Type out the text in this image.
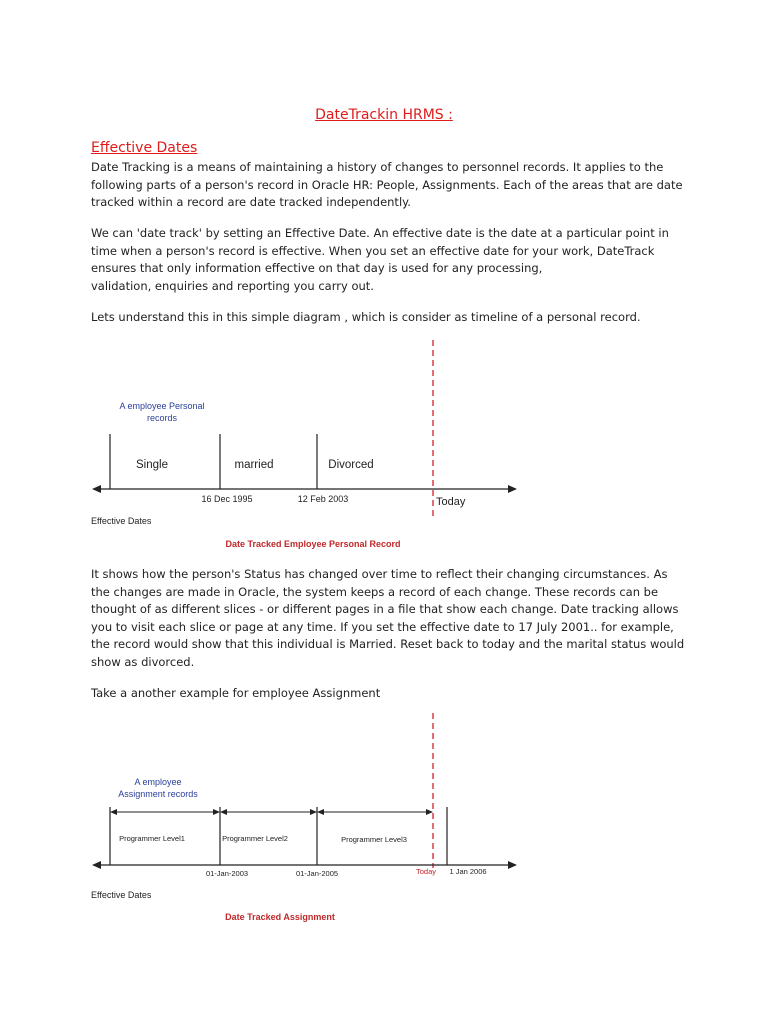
DateTrackin HRMS :
Effective Dates

Date Tracking is a means of maintaining a history of changes to personnel records. It applies to the
following parts of a person's record in Oracle HR: People, Assignments. Each of the areas that are date
tracked within a record are date tracked independently.

We can 'date track' by setting an Effective Date. An effective date is the date at a particular point in
time when a person's record is effective. When you set an effective date for your work, DateTrack
ensures that only information effective on that day is used for any processing,
validation, enquiries and reporting you carry out.

Lets understand this in this simple diagram , which is consider as timeline of a personal record.

A employee Personal
records
Single	married	Divorced
16 Dec 1995	12 Feb 2003	Today
Effective Dates
Date Tracked Employee Personal Record

It shows how the person's Status has changed over time to reflect their changing circumstances. As
the changes are made in Oracle, the system keeps a record of each change. These records can be
thought of as different slices - or different pages in a file that show each change. Date tracking allows
you to visit each slice or page at any time. If you set the effective date to 17 July 2001.. for example,
the record would show that this individual is Married. Reset back to today and the marital status would
show as divorced.

Take a another example for employee Assignment

A employee
Assignment records
Programmer Level1	Programmer Level2	Programmer Level3
01-Jan-2003	01-Jan-2005	Today 1 Jan 2006
Effective Dates
Date Tracked Assignment
